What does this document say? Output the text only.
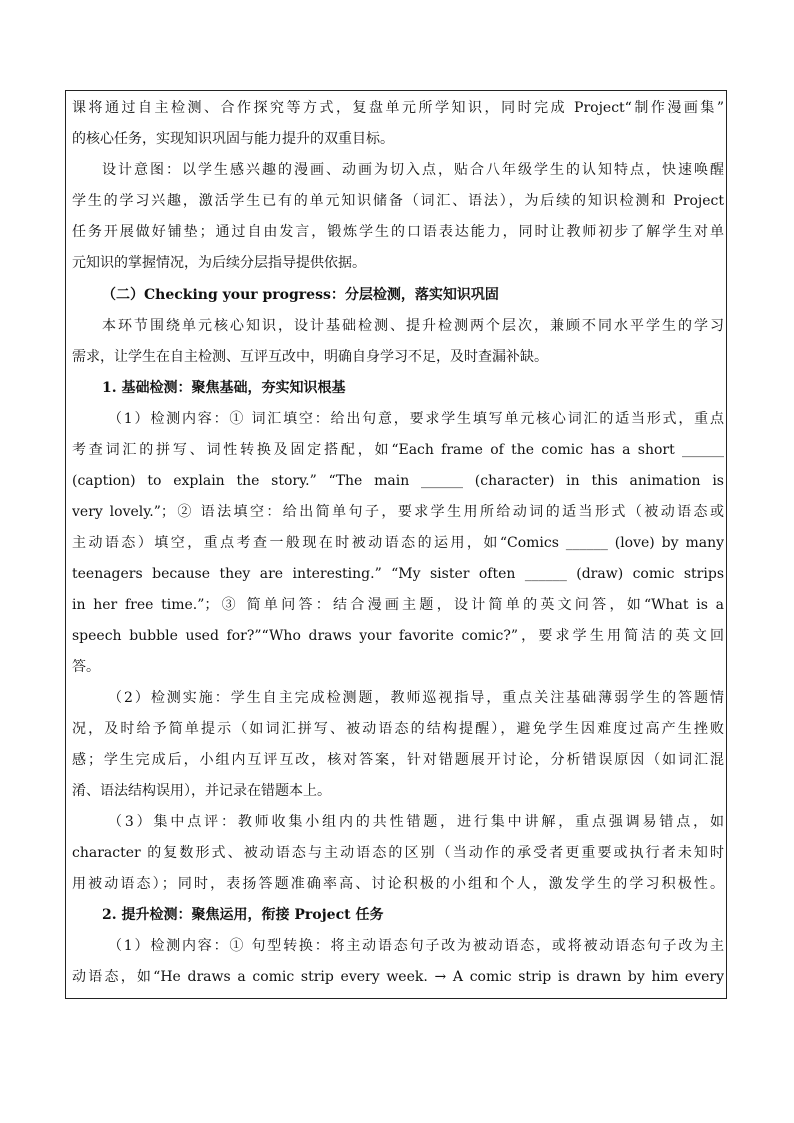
课将通过自主检测、合作探究等方式，复盘单元所学知识，同时完成 Project“制作漫画集”
的核心任务，实现知识巩固与能力提升的双重目标。
设计意图：以学生感兴趣的漫画、动画为切入点，贴合八年级学生的认知特点，快速唤醒
学生的学习兴趣，激活学生已有的单元知识储备（词汇、语法），为后续的知识检测和 Project
任务开展做好铺垫；通过自由发言，锻炼学生的口语表达能力，同时让教师初步了解学生对单
元知识的掌握情况，为后续分层指导提供依据。
（二）Checking your progress：分层检测，落实知识巩固
本环节围绕单元核心知识，设计基础检测、提升检测两个层次，兼顾不同水平学生的学习
需求，让学生在自主检测、互评互改中，明确自身学习不足，及时查漏补缺。
1. 基础检测：聚焦基础，夯实知识根基
（1）检测内容：① 词汇填空：给出句意，要求学生填写单元核心词汇的适当形式，重点
考查词汇的拼写、词性转换及固定搭配，如“Each frame of the comic has a short ______
(caption) to explain the story.” “The main ______ (character) in this animation is
very lovely.”；② 语法填空：给出简单句子，要求学生用所给动词的适当形式（被动语态或
主动语态）填空，重点考查一般现在时被动语态的运用，如“Comics ______ (love) by many
teenagers because they are interesting.” “My sister often ______ (draw) comic strips
in her free time.”；③ 简单问答：结合漫画主题，设计简单的英文问答，如“What is a
speech bubble used for?”“Who draws your favorite comic?”，要求学生用简洁的英文回
答。
（2）检测实施：学生自主完成检测题，教师巡视指导，重点关注基础薄弱学生的答题情
况，及时给予简单提示（如词汇拼写、被动语态的结构提醒），避免学生因难度过高产生挫败
感；学生完成后，小组内互评互改，核对答案，针对错题展开讨论，分析错误原因（如词汇混
淆、语法结构误用），并记录在错题本上。
（3）集中点评：教师收集小组内的共性错题，进行集中讲解，重点强调易错点，如
character 的复数形式、被动语态与主动语态的区别（当动作的承受者更重要或执行者未知时
用被动语态）；同时，表扬答题准确率高、讨论积极的小组和个人，激发学生的学习积极性。
2. 提升检测：聚焦运用，衔接 Project 任务
（1）检测内容：① 句型转换：将主动语态句子改为被动语态，或将被动语态句子改为主
动语态，如“He draws a comic strip every week. → A comic strip is drawn by him every
